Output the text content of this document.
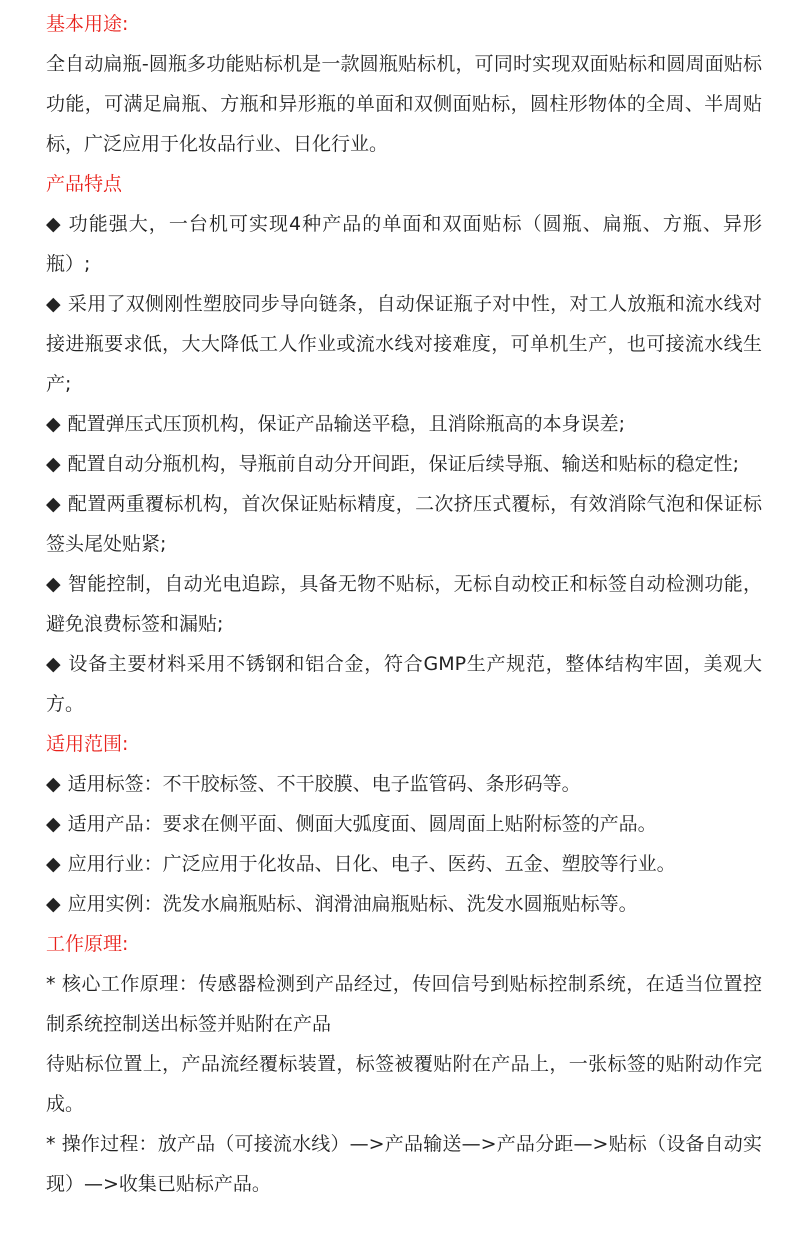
基本用途:

全自动扁瓶-圆瓶多功能贴标机是一款圆瓶贴标机，可同时实现双面贴标和圆周面贴标功能，可满足扁瓶、方瓶和异形瓶的单面和双侧面贴标，圆柱形物体的全周、半周贴标，广泛应用于化妆品行业、日化行业。

产品特点

◆ 功能强大，一台机可实现4种产品的单面和双面贴标（圆瓶、扁瓶、方瓶、异形瓶）;

◆ 采用了双侧刚性塑胶同步导向链条，自动保证瓶子对中性，对工人放瓶和流水线对接进瓶要求低，大大降低工人作业或流水线对接难度，可单机生产，也可接流水线生产;

◆ 配置弹压式压顶机构，保证产品输送平稳，且消除瓶高的本身误差;

◆ 配置自动分瓶机构，导瓶前自动分开间距，保证后续导瓶、输送和贴标的稳定性;

◆ 配置两重覆标机构，首次保证贴标精度，二次挤压式覆标，有效消除气泡和保证标签头尾处贴紧;

◆ 智能控制，自动光电追踪，具备无物不贴标，无标自动校正和标签自动检测功能，避免浪费标签和漏贴;

◆ 设备主要材料采用不锈钢和铝合金，符合GMP生产规范，整体结构牢固，美观大方。

适用范围:

◆ 适用标签：不干胶标签、不干胶膜、电子监管码、条形码等。

◆ 适用产品：要求在侧平面、侧面大弧度面、圆周面上贴附标签的产品。

◆ 应用行业：广泛应用于化妆品、日化、电子、医药、五金、塑胶等行业。

◆ 应用实例：洗发水扁瓶贴标、润滑油扁瓶贴标、洗发水圆瓶贴标等。

工作原理:

* 核心工作原理：传感器检测到产品经过，传回信号到贴标控制系统，在适当位置控制系统控制送出标签并贴附在产品

待贴标位置上，产品流经覆标装置，标签被覆贴附在产品上，一张标签的贴附动作完成。

* 操作过程：放产品（可接流水线）—>产品输送—>产品分距—>贴标（设备自动实现）—>收集已贴标产品。
